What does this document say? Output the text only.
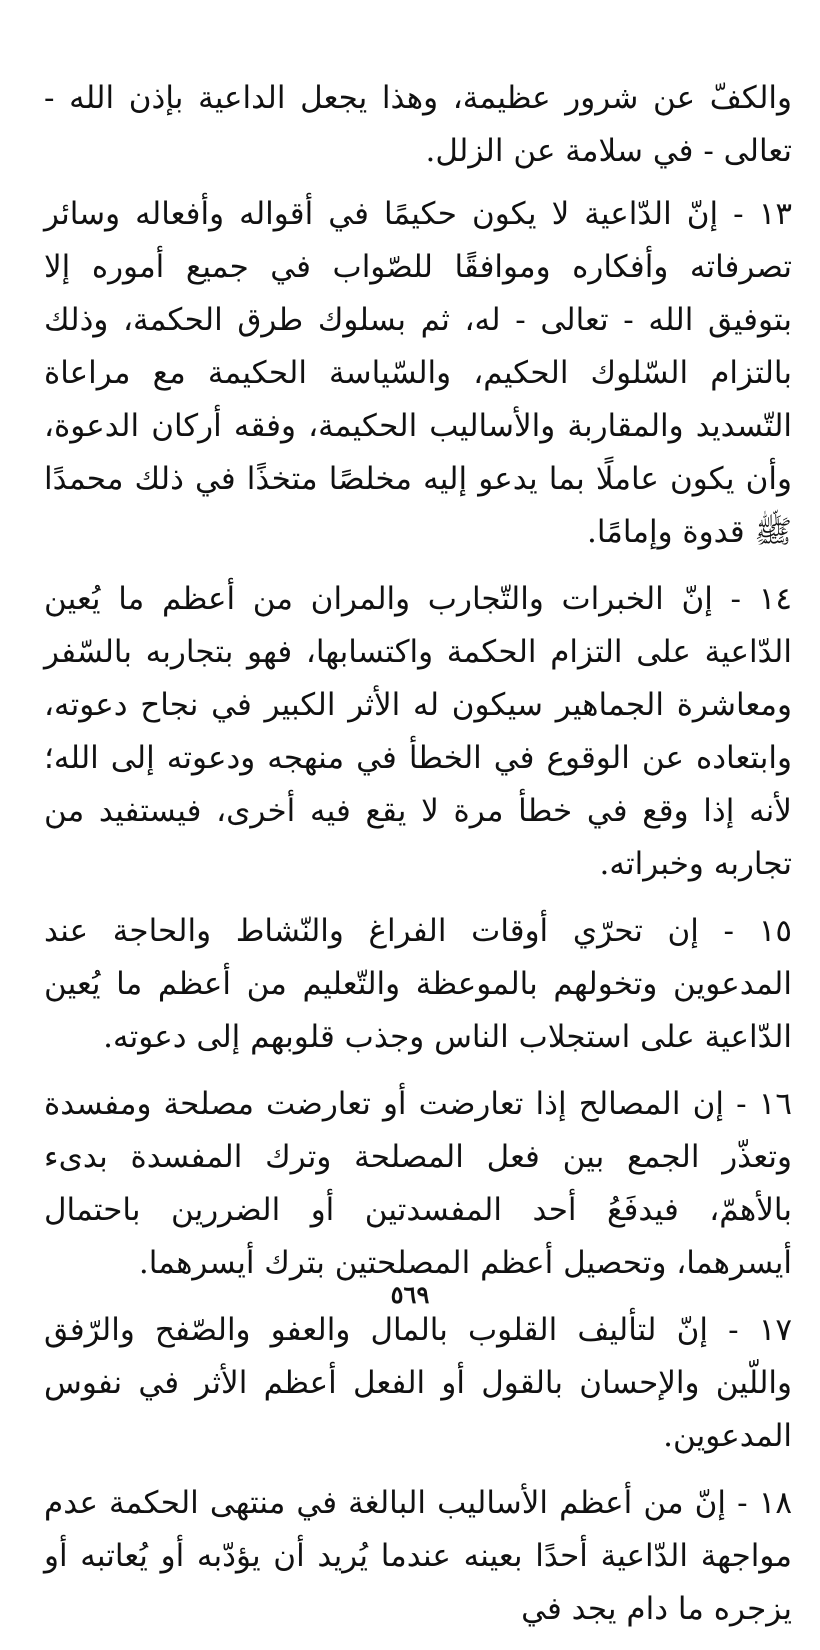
والكفّ عن شرور عظيمة، وهذا يجعل الداعية بإذن الله - تعالى - في سلامة عن الزلل.

١٣ - إنّ الدّاعية لا يكون حكيمًا في أقواله وأفعاله وسائر تصرفاته وأفكاره وموافقًا للصّواب في جميع أموره إلا بتوفيق الله - تعالى - له، ثم بسلوك طرق الحكمة، وذلك بالتزام السّلوك الحكيم، والسّياسة الحكيمة مع مراعاة التّسديد والمقاربة والأساليب الحكيمة، وفقه أركان الدعوة، وأن يكون عاملًا بما يدعو إليه مخلصًا متخذًا في ذلك محمدًا ﷺ قدوة وإمامًا.

١٤ - إنّ الخبرات والتّجارب والمران من أعظم ما يُعين الدّاعية على التزام الحكمة واكتسابها، فهو بتجاربه بالسّفر ومعاشرة الجماهير سيكون له الأثر الكبير في نجاح دعوته، وابتعاده عن الوقوع في الخطأ في منهجه ودعوته إلى الله؛ لأنه إذا وقع في خطأ مرة لا يقع فيه أخرى، فيستفيد من تجاربه وخبراته.

١٥ - إن تحرّي أوقات الفراغ والنّشاط والحاجة عند المدعوين وتخولهم بالموعظة والتّعليم من أعظم ما يُعين الدّاعية على استجلاب الناس وجذب قلوبهم إلى دعوته.

١٦ - إن المصالح إذا تعارضت أو تعارضت مصلحة ومفسدة وتعذّر الجمع بين فعل المصلحة وترك المفسدة بدىء بالأهمّ، فيدفَعُ أحد المفسدتين أو الضررين باحتمال أيسرهما، وتحصيل أعظم المصلحتين بترك أيسرهما.

١٧ - إنّ لتأليف القلوب بالمال والعفو والصّفح والرّفق واللّين والإحسان بالقول أو الفعل أعظم الأثر في نفوس المدعوين.

١٨ - إنّ من أعظم الأساليب البالغة في منتهى الحكمة عدم مواجهة الدّاعية أحدًا بعينه عندما يُريد أن يؤدّبه أو يُعاتبه أو يزجره ما دام يجد في

٥٦٩
